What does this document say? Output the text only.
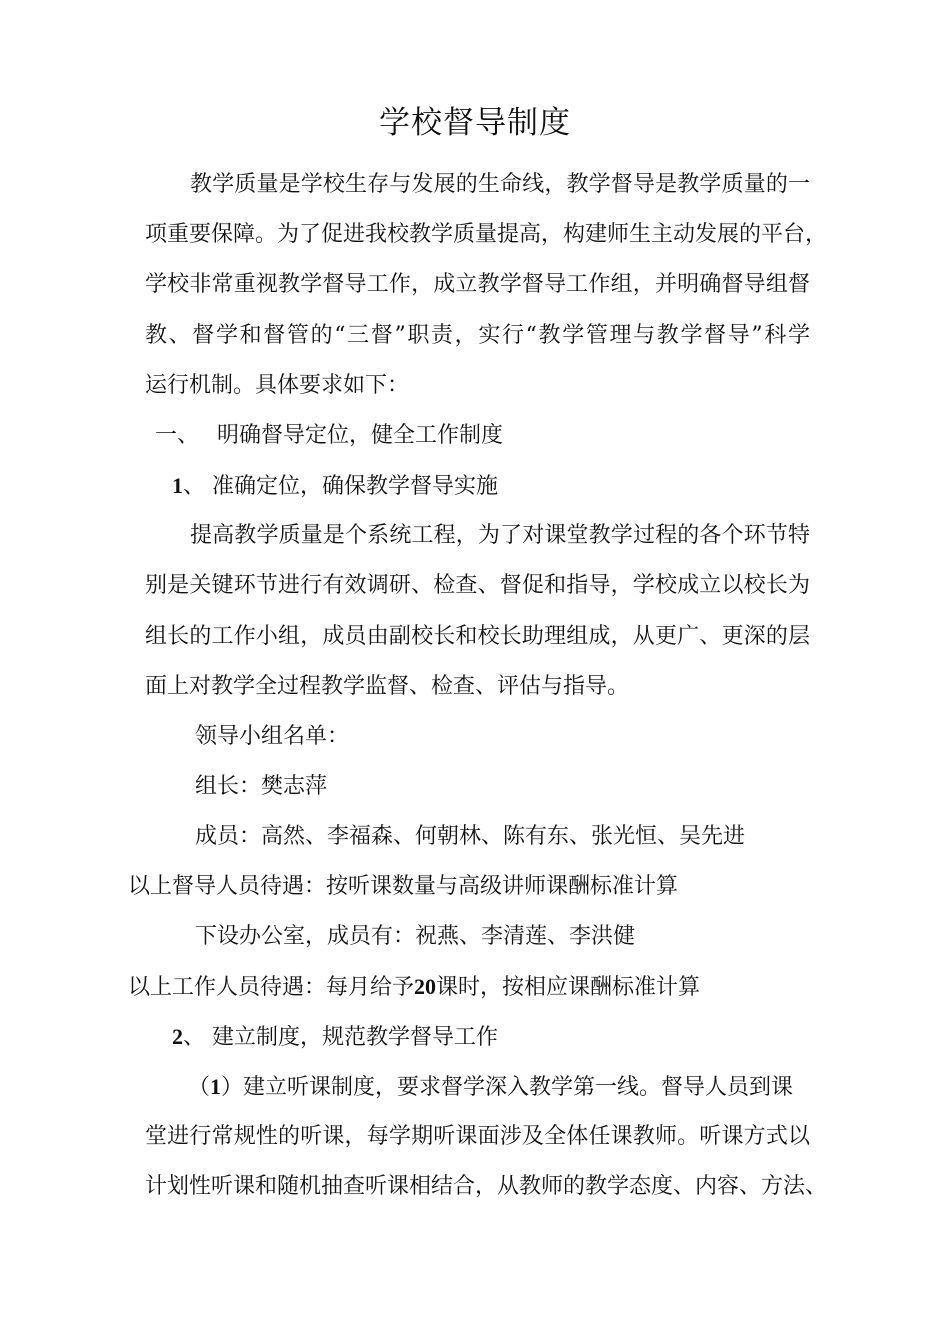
学校督导制度
教学质量是学校生存与发展的生命线，教学督导是教学质量的一
项重要保障。为了促进我校教学质量提高，构建师生主动发展的平台，
学校非常重视教学督导工作，成立教学督导工作组，并明确督导组督
教、督学和督管的“三督”职责，实行“教学管理与教学督导”科学
运行机制。具体要求如下：
一、 明确督导定位，健全工作制度
1、 准确定位，确保教学督导实施
提高教学质量是个系统工程，为了对课堂教学过程的各个环节特
别是关键环节进行有效调研、检查、督促和指导，学校成立以校长为
组长的工作小组，成员由副校长和校长助理组成，从更广、更深的层
面上对教学全过程教学监督、检查、评估与指导。
领导小组名单：
组长：樊志萍
成员：高然、李福森、何朝林、陈有东、张光恒、吴先进
以上督导人员待遇：按听课数量与高级讲师课酬标准计算
下设办公室，成员有：祝燕、李清莲、李洪健
以上工作人员待遇：每月给予20课时，按相应课酬标准计算
2、 建立制度，规范教学督导工作
（1）建立听课制度，要求督学深入教学第一线。督导人员到课
堂进行常规性的听课，每学期听课面涉及全体任课教师。听课方式以
计划性听课和随机抽查听课相结合，从教师的教学态度、内容、方法、
